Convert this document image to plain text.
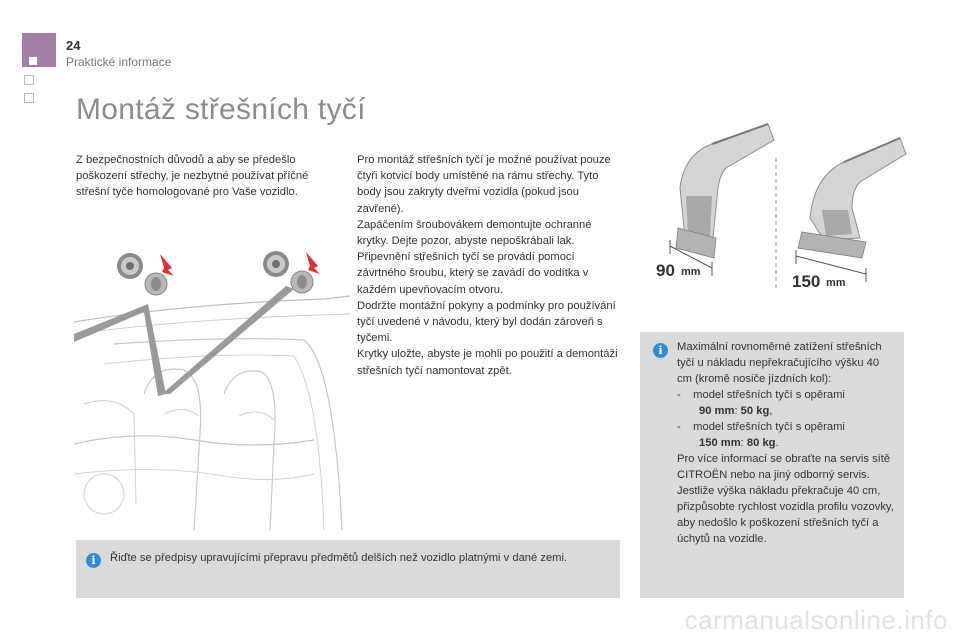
24
Praktické informace
Montáž střešních tyčí

Z bezpečnostních důvodů a aby se předešlo poškození střechy, je nezbytné používat příčné střešní tyče homologované pro Vaše vozidlo.

Pro montáž střešních tyčí je možné používat pouze čtyři kotvicí body umístěné na rámu střechy. Tyto body jsou zakryty dveřmi vozidla (pokud jsou zavřené).

Zapáčením šroubovákem demontujte ochranné krytky. Dejte pozor, abyste nepoškrábali lak.

Připevnění střešních tyčí se provádí pomocí závrtného šroubu, který se zavádí do vodítka v každém upevňovacím otvoru.

Dodržte montážní pokyny a podmínky pro používání tyčí uvedené v návodu, který byl dodán zároveň s tyčemi.

Krytky uložte, abyste je mohli po použití a demontáži střešních tyčí namontovat zpět.

90 mm	150 mm
i	Maximální rovnoměrné zatížení střešních tyčí u nákladu nepřekračujícího výšku 40 cm (kromě nosiče jízdních kol):

- model střešních tyčí s opěrami
90 mm: 50 kg,

- model střešních tyčí s opěrami
150 mm: 80 kg.

Pro více informací se obraťte na servis sítě CITROËN nebo na jiný odborný servis.

Jestliže výška nákladu překračuje 40 cm, přizpůsobte rychlost vozidla profilu vozovky, aby nedošlo k poškození střešních tyčí a úchytů na vozidle.

i	Řiďte se předpisy upravujícími přepravu předmětů delších než vozidlo platnými v dané zemi.
carmanualsonline.info
